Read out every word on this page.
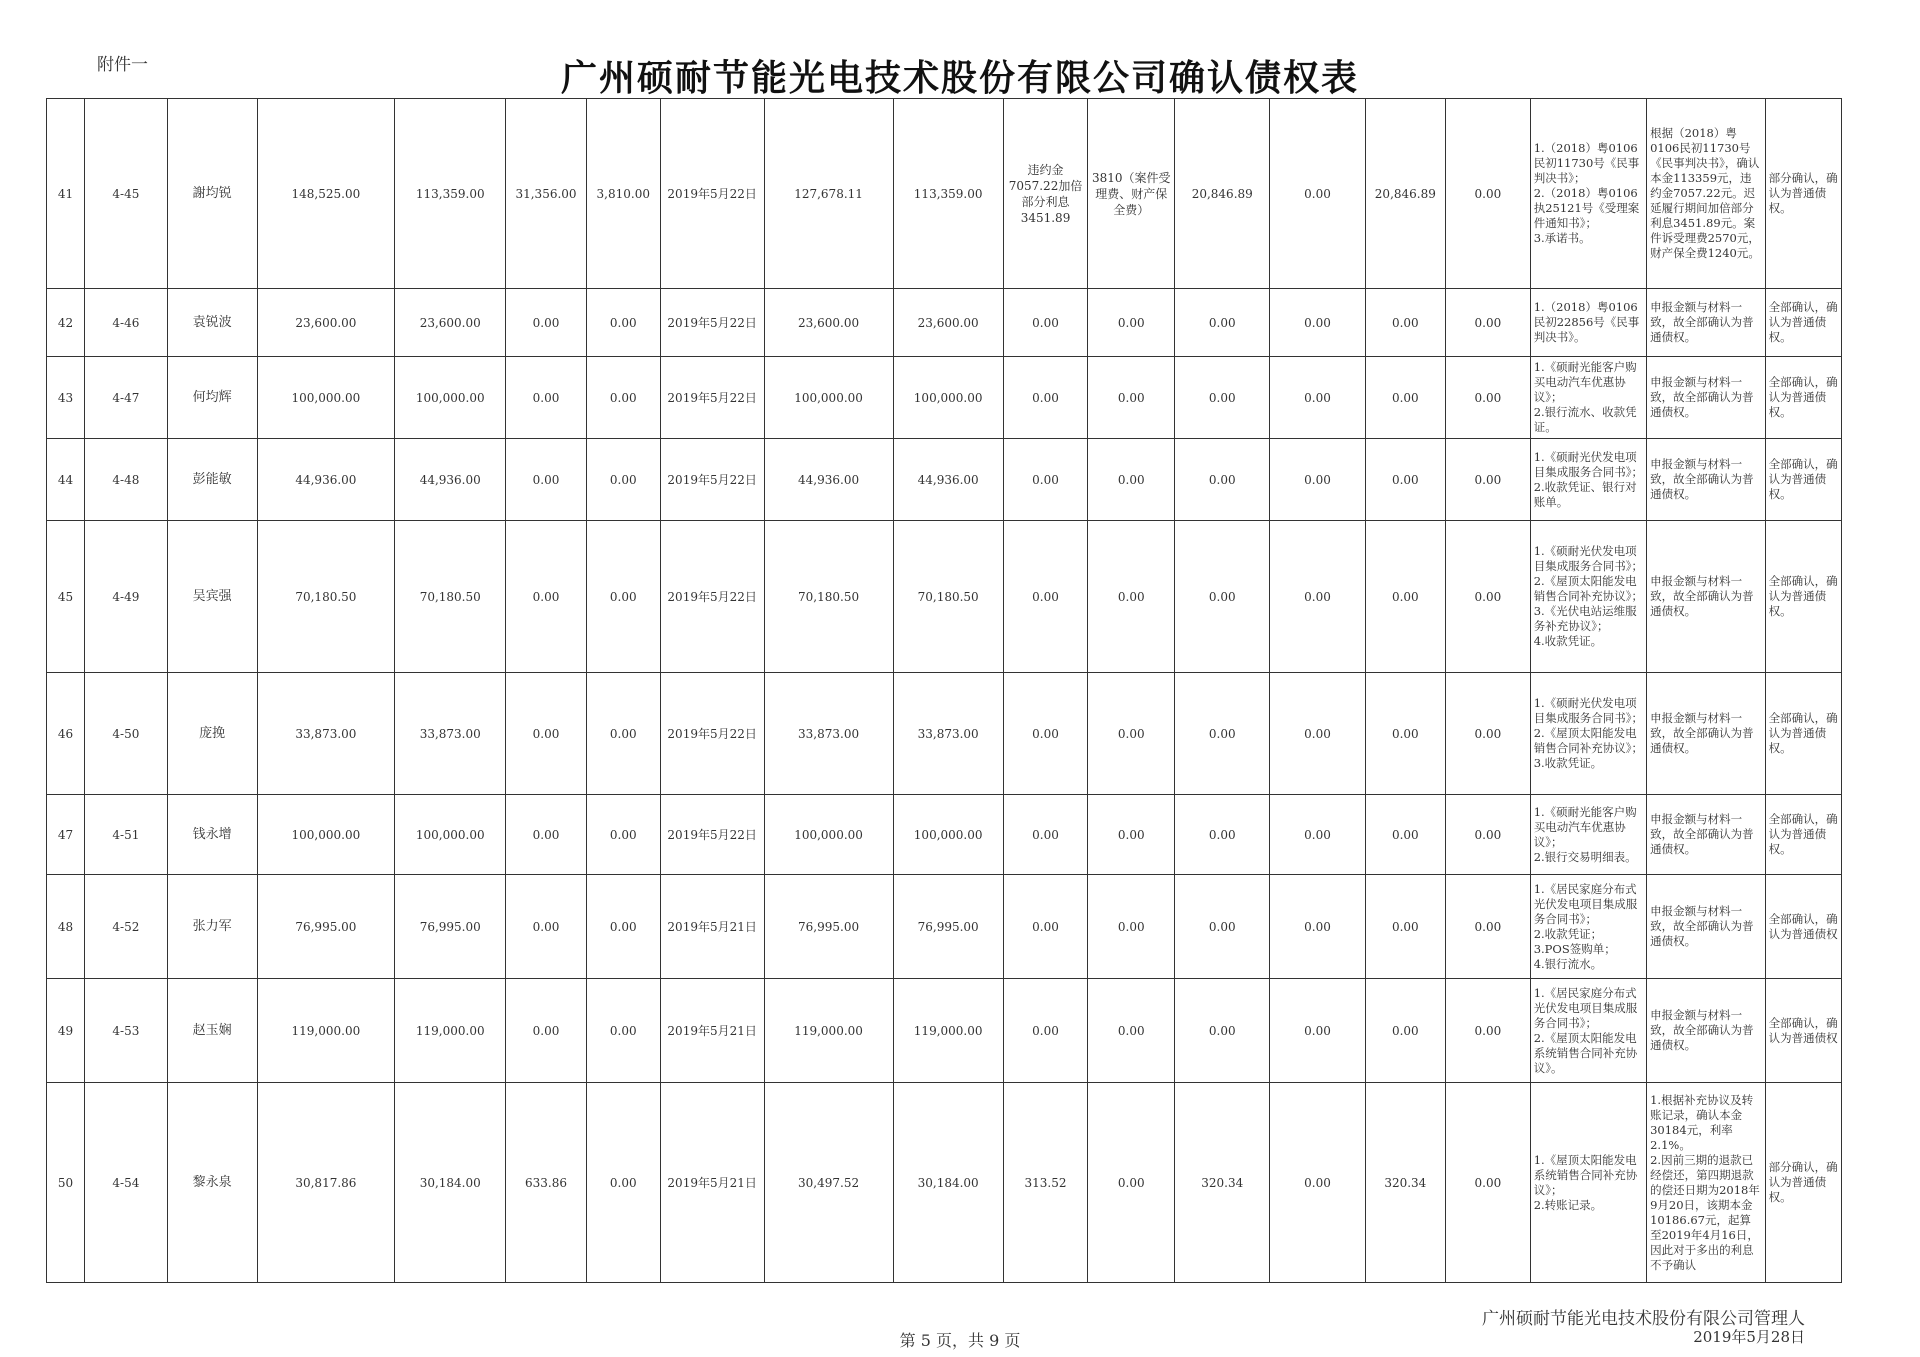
附件一	广州硕耐节能光电技术股份有限公司确认债权表
41	4-45	謝均锐	148,525.00	113,359.00	31,356.00	3,810.00	2019年5月22日	127,678.11	113,359.00	违约金7057.22加倍部分利息3451.89	3810（案件受理费、财产保全费）	20,846.89	0.00	20,846.89	0.00	1.（2018）粤0106民初11730号《民事判决书》；
2.（2018）粤0106执25121号《受理案件通知书》；
3.承诺书。	根据（2018）粤0106民初11730号《民事判决书》，确认本金113359元，违约金7057.22元。迟延履行期间加倍部分利息3451.89元。案件诉受理费2570元，财产保全费1240元。	部分确认，确认为普通债权。

42	4-46	袁锐波	23,600.00	23,600.00	0.00	0.00	2019年5月22日	23,600.00	23,600.00	0.00	0.00	0.00	0.00	0.00	0.00	1.（2018）粤0106民初22856号《民事判决书》。	申报金额与材料一致，故全部确认为普通债权。	全部确认，确认为普通债权。

43	4-47	何均辉	100,000.00	100,000.00	0.00	0.00	2019年5月22日	100,000.00	100,000.00	0.00	0.00	0.00	0.00	0.00	0.00	1.《硕耐光能客户购买电动汽车优惠协议》；
2.银行流水、收款凭证。	申报金额与材料一致，故全部确认为普通债权。	全部确认，确认为普通债权。

44	4-48	彭能敏	44,936.00	44,936.00	0.00	0.00	2019年5月22日	44,936.00	44,936.00	0.00	0.00	0.00	0.00	0.00	0.00	1.《硕耐光伏发电项目集成服务合同书》；
2.收款凭证、银行对账单。	申报金额与材料一致，故全部确认为普通债权。	全部确认，确认为普通债权。

45	4-49	吴宾强	70,180.50	70,180.50	0.00	0.00	2019年5月22日	70,180.50	70,180.50	0.00	0.00	0.00	0.00	0.00	0.00	1.《硕耐光伏发电项目集成服务合同书》；
2.《屋顶太阳能发电销售合同补充协议》；
3.《光伏电站运维服务补充协议》；
4.收款凭证。	申报金额与材料一致，故全部确认为普通债权。	全部确认，确认为普通债权。

46	4-50	庞挽	33,873.00	33,873.00	0.00	0.00	2019年5月22日	33,873.00	33,873.00	0.00	0.00	0.00	0.00	0.00	0.00	1.《硕耐光伏发电项目集成服务合同书》；
2.《屋顶太阳能发电销售合同补充协议》；
3.收款凭证。	申报金额与材料一致，故全部确认为普通债权。	全部确认，确认为普通债权。

47	4-51	钱永增	100,000.00	100,000.00	0.00	0.00	2019年5月22日	100,000.00	100,000.00	0.00	0.00	0.00	0.00	0.00	0.00	1.《硕耐光能客户购买电动汽车优惠协议》；
2.银行交易明细表。	申报金额与材料一致，故全部确认为普通债权。	全部确认，确认为普通债权。

48	4-52	张力军	76,995.00	76,995.00	0.00	0.00	2019年5月21日	76,995.00	76,995.00	0.00	0.00	0.00	0.00	0.00	0.00	1.《居民家庭分布式光伏发电项目集成服务合同书》；
2.收款凭证；
3.POS签购单；
4.银行流水。	申报金额与材料一致，故全部确认为普通债权。	全部确认，确认为普通债权

49	4-53	赵玉娴	119,000.00	119,000.00	0.00	0.00	2019年5月21日	119,000.00	119,000.00	0.00	0.00	0.00	0.00	0.00	0.00	1.《居民家庭分布式光伏发电项目集成服务合同书》；
2.《屋顶太阳能发电系统销售合同补充协议》。	申报金额与材料一致，故全部确认为普通债权。	全部确认，确认为普通债权

50	4-54	黎永泉	30,817.86	30,184.00	633.86	0.00	2019年5月21日	30,497.52	30,184.00	313.52	0.00	320.34	0.00	320.34	0.00	1.《屋顶太阳能发电系统销售合同补充协议》；
2.转账记录。	1.根据补充协议及转账记录，确认本金30184元，利率2.1%。
2.因前三期的退款已经偿还，第四期退款的偿还日期为2018年9月20日，该期本金10186.67元，起算至2019年4月16日，因此对于多出的利息不予确认	部分确认，确认为普通债权。
第 5 页，共 9 页
广州硕耐节能光电技术股份有限公司管理人
2019年5月28日
